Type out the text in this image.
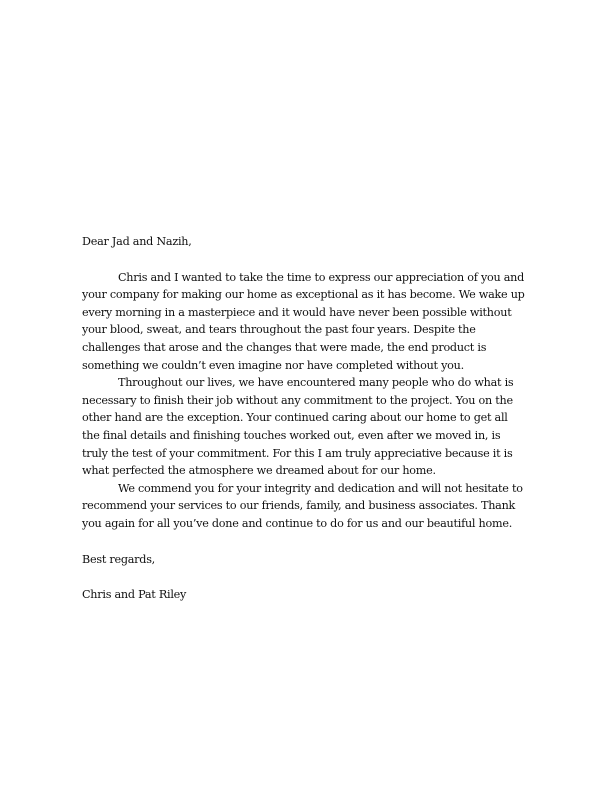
Dear Jad and Nazih,

Chris and I wanted to take the time to express our appreciation of you and your company for making our home as exceptional as it has become. We wake up every morning in a masterpiece and it would have never been possible without your blood, sweat, and tears throughout the past four years. Despite the challenges that arose and the changes that were made, the end product is something we couldn’t even imagine nor have completed without you.

Throughout our lives, we have encountered many people who do what is necessary to finish their job without any commitment to the project. You on the other hand are the exception. Your continued caring about our home to get all the final details and finishing touches worked out, even after we moved in, is truly the test of your commitment. For this I am truly appreciative because it is what perfected the atmosphere we dreamed about for our home.

We commend you for your integrity and dedication and will not hesitate to recommend your services to our friends, family, and business associates. Thank you again for all you’ve done and continue to do for us and our beautiful home.

Best regards,

Chris and Pat Riley
